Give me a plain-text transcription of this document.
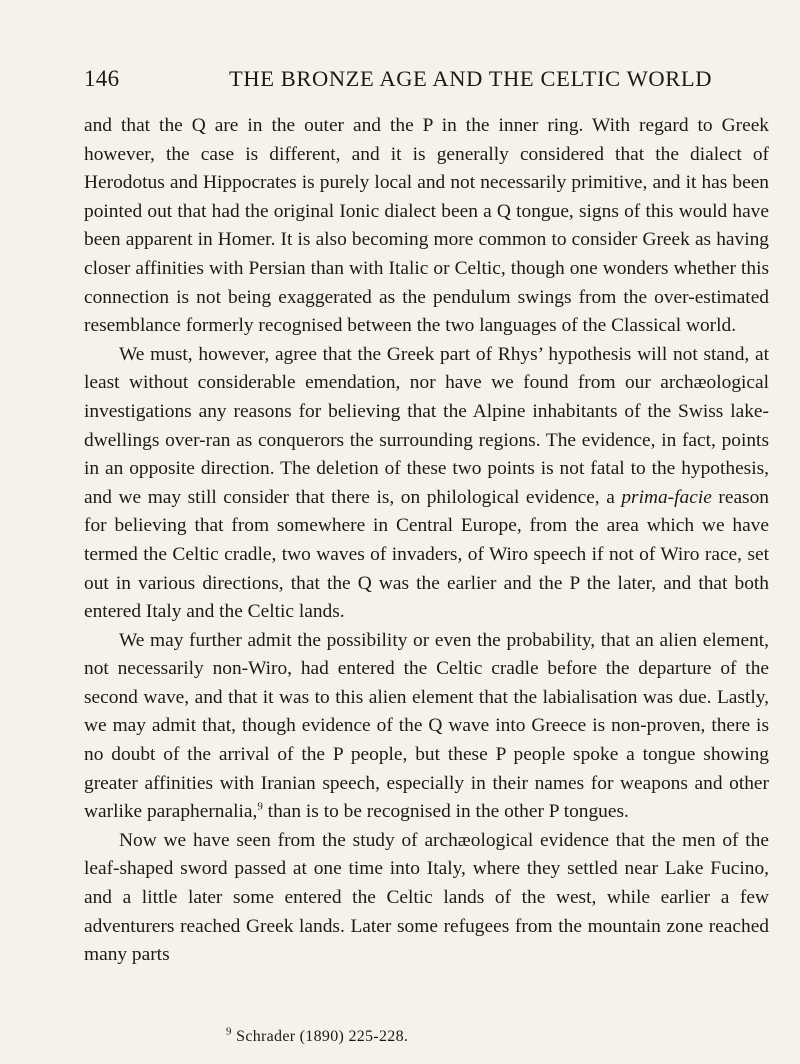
146	THE BRONZE AGE AND THE CELTIC WORLD

and that the Q are in the outer and the P in the inner ring. With regard to Greek however, the case is different, and it is generally considered that the dialect of Herodotus and Hippocrates is purely local and not necessarily primitive, and it has been pointed out that had the original Ionic dialect been a Q tongue, signs of this would have been apparent in Homer. It is also becoming more common to consider Greek as having closer affinities with Persian than with Italic or Celtic, though one wonders whether this connection is not being exaggerated as the pendulum swings from the over-estimated resemblance formerly recognised between the two languages of the Classical world.

We must, however, agree that the Greek part of Rhys’ hypothesis will not stand, at least without considerable emendation, nor have we found from our archæological investigations any reasons for believing that the Alpine inhabitants of the Swiss lake-dwellings over-ran as conquerors the surrounding regions. The evidence, in fact, points in an opposite direction. The deletion of these two points is not fatal to the hypothesis, and we may still consider that there is, on philological evidence, a prima-facie reason for believing that from somewhere in Central Europe, from the area which we have termed the Celtic cradle, two waves of invaders, of Wiro speech if not of Wiro race, set out in various directions, that the Q was the earlier and the P the later, and that both entered Italy and the Celtic lands.

We may further admit the possibility or even the probability, that an alien element, not necessarily non-Wiro, had entered the Celtic cradle before the departure of the second wave, and that it was to this alien element that the labialisation was due. Lastly, we may admit that, though evidence of the Q wave into Greece is non-proven, there is no doubt of the arrival of the P people, but these P people spoke a tongue showing greater affinities with Iranian speech, especially in their names for weapons and other warlike paraphernalia,$^9$ than is to be recognised in the other P tongues.

Now we have seen from the study of archæological evidence that the men of the leaf-shaped sword passed at one time into Italy, where they settled near Lake Fucino, and a little later some entered the Celtic lands of the west, while earlier a few adventurers reached Greek lands. Later some refugees from the mountain zone reached many parts

$^9$ Schrader (1890) 225-228.
